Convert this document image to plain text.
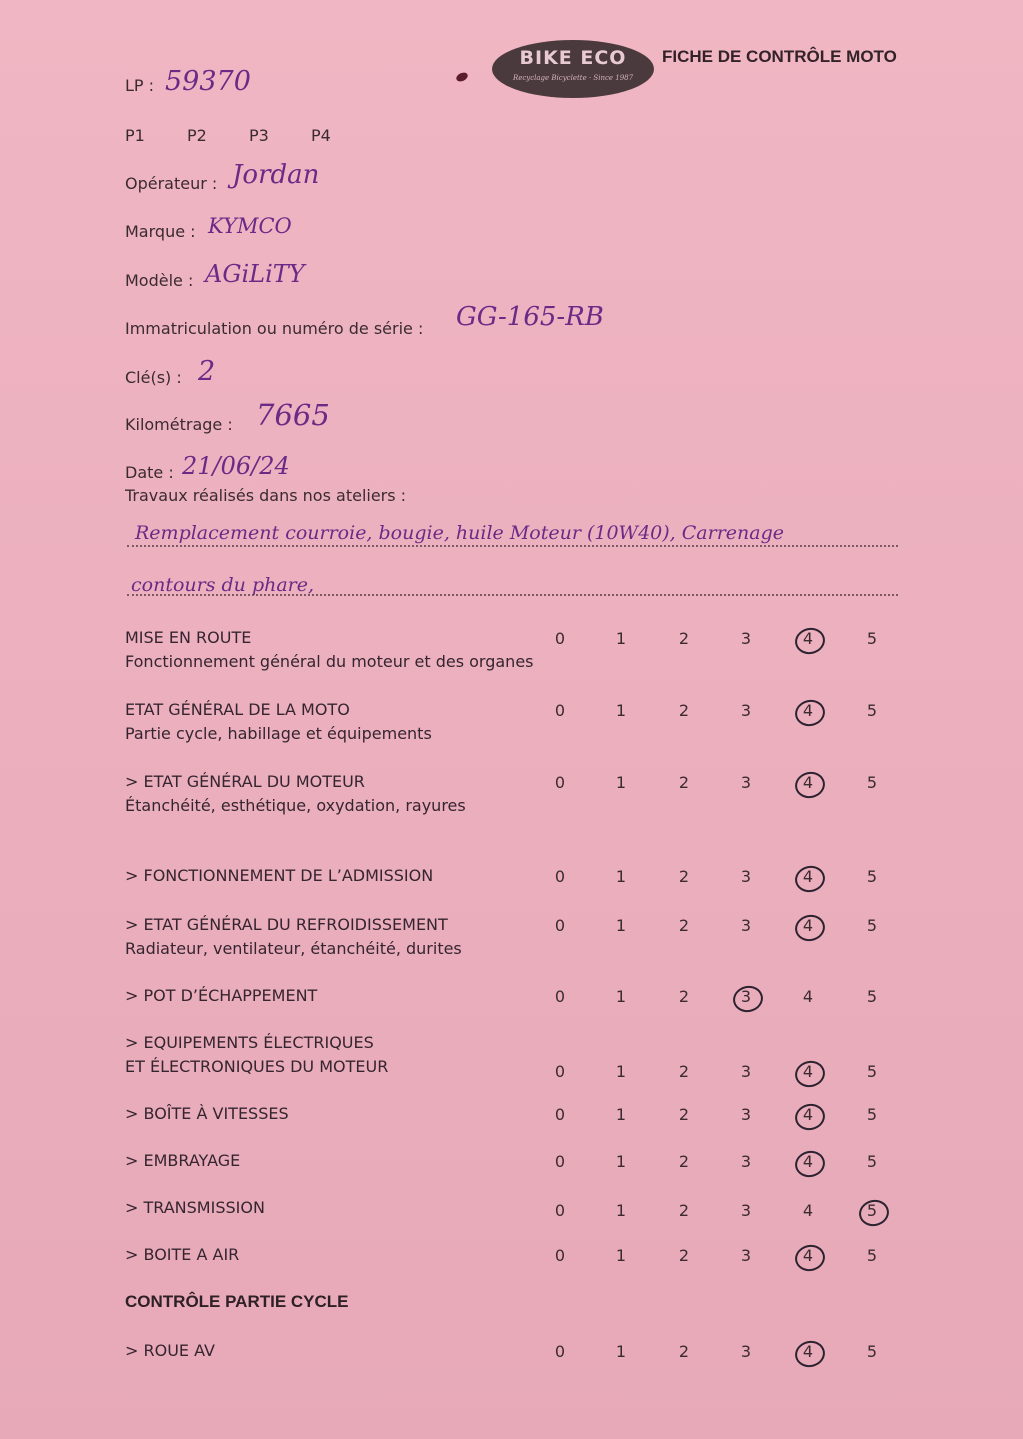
BIKE ECO
Recyclage Bicyclette · Since 1987
FICHE DE CONTRÔLE MOTO
LP : 59370
P1	P2	P3	P4
Opérateur : Jordan
Marque : KYMCO
Modèle : AGiLiTY
Immatriculation ou numéro de série : GG-165-RB
Clé(s) : 2
Kilométrage : 7665
Date : 21/06/24
Travaux réalisés dans nos ateliers :
Remplacement courroie, bougie, huile Moteur (10W40), Carrenage
contours du phare,
MISE EN ROUTE
Fonctionnement général du moteur et des organes
0	1	2	3	4	5
ETAT GÉNÉRAL DE LA MOTO
Partie cycle, habillage et équipements
0	1	2	3	4	5
> ETAT GÉNÉRAL DU MOTEUR
Étanchéité, esthétique, oxydation, rayures
0	1	2	3	4	5
> FONCTIONNEMENT DE L’ADMISSION	0	1	2	3	4	5
> ETAT GÉNÉRAL DU REFROIDISSEMENT
Radiateur, ventilateur, étanchéité, durites
0	1	2	3	4	5
> POT D’ÉCHAPPEMENT	0	1	2	3	4	5
> EQUIPEMENTS ÉLECTRIQUES
ET ÉLECTRONIQUES DU MOTEUR	0	1	2	3	4	5
> BOÎTE À VITESSES	0	1	2	3	4	5
> EMBRAYAGE	0	1	2	3	4	5
> TRANSMISSION	0	1	2	3	4	5
> BOITE A AIR	0	1	2	3	4	5
CONTRÔLE PARTIE CYCLE
> ROUE AV	0	1	2	3	4	5
